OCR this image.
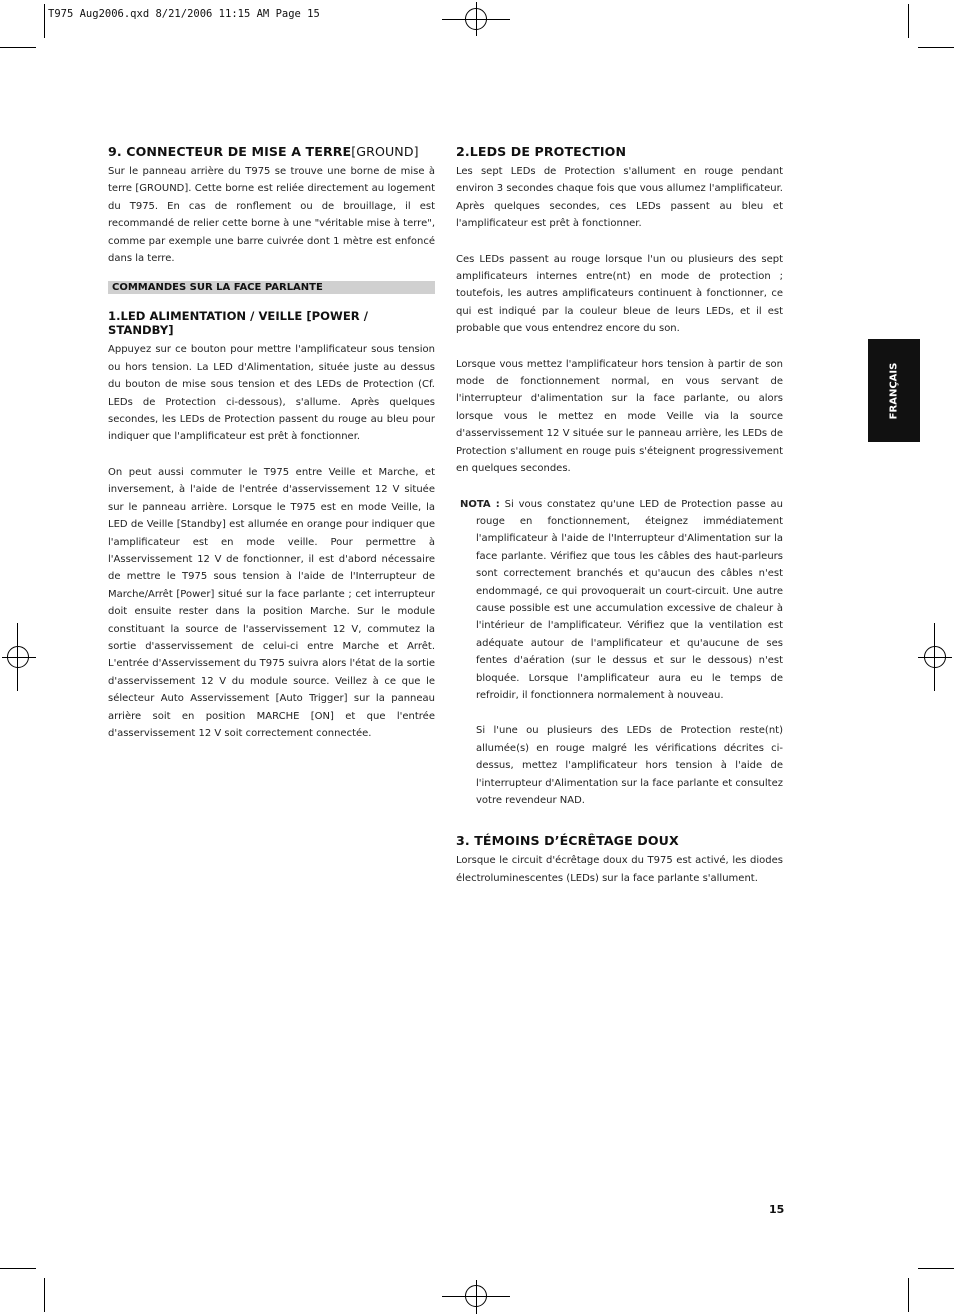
T975 Aug2006.qxd 8/21/2006 11:15 AM Page 15
9. CONNECTEUR DE MISE A TERRE[GROUND]

Sur le panneau arrière du T975 se trouve une borne de mise à terre [GROUND]. Cette borne est reliée directement au logement du T975. En cas de ronflement ou de brouillage, il est recommandé de relier cette borne à une "véritable mise à terre", comme par exemple une barre cuivrée dont 1 mètre est enfoncé dans la terre.

COMMANDES SUR LA FACE PARLANTE
1.LED ALIMENTATION / VEILLE [POWER / STANDBY]

Appuyez sur ce bouton pour mettre l'amplificateur sous tension ou hors tension. La LED d'Alimentation, située juste au dessus du bouton de mise sous tension et des LEDs de Protection (Cf. LEDs de Protection ci-dessous), s'allume. Après quelques secondes, les LEDs de Protection passent du rouge au bleu pour indiquer que l'amplificateur est prêt à fonctionner.

On peut aussi commuter le T975 entre Veille et Marche, et inversement, à l'aide de l'entrée d'asservissement 12 V située sur le panneau arrière. Lorsque le T975 est en mode Veille, la LED de Veille [Standby] est allumée en orange pour indiquer que l'amplificateur est en mode veille. Pour permettre à l'Asservissement 12 V de fonctionner, il est d'abord nécessaire de mettre le T975 sous tension à l'aide de l'Interrupteur de Marche/Arrêt [Power] situé sur la face parlante ; cet interrupteur doit ensuite rester dans la position Marche. Sur le module constituant la source de l'asservissement 12 V, commutez la sortie d'asservissement de celui-ci entre Marche et Arrêt. L'entrée d'Asservissement du T975 suivra alors l'état de la sortie d'asservissement 12 V du module source. Veillez à ce que le sélecteur Auto Asservissement [Auto Trigger] sur la panneau arrière soit en position MARCHE [ON] et que l'entrée d'asservissement 12 V soit correctement connectée.

2.LEDS DE PROTECTION

Les sept LEDs de Protection s'allument en rouge pendant environ 3 secondes chaque fois que vous allumez l'amplificateur. Après quelques secondes, ces LEDs passent au bleu et l'amplificateur est prêt à fonctionner.

Ces LEDs passent au rouge lorsque l'un ou plusieurs des sept amplificateurs internes entre(nt) en mode de protection ; toutefois, les autres amplificateurs continuent à fonctionner, ce qui est indiqué par la couleur bleue de leurs LEDs, et il est probable que vous entendrez encore du son.

Lorsque vous mettez l'amplificateur hors tension à partir de son mode de fonctionnement normal, en vous servant de l'interrupteur d'alimentation sur la face parlante, ou alors lorsque vous le mettez en mode Veille via la source d'asservissement 12 V située sur le panneau arrière, les LEDs de Protection s'allument en rouge puis s'éteignent progressivement en quelques secondes.

NOTA : Si vous constatez qu'une LED de Protection passe au rouge en fonctionnement, éteignez immédiatement l'amplificateur à l'aide de l'Interrupteur d'Alimentation sur la face parlante. Vérifiez que tous les câbles des haut-parleurs sont correctement branchés et qu'aucun des câbles n'est endommagé, ce qui provoquerait un court-circuit. Une autre cause possible est une accumulation excessive de chaleur à l'intérieur de l'amplificateur. Vérifiez que la ventilation est adéquate autour de l'amplificateur et qu'aucune de ses fentes d'aération (sur le dessus et sur le dessous) n'est bloquée. Lorsque l'amplificateur aura eu le temps de refroidir, il fonctionnera normalement à nouveau.

Si l'une ou plusieurs des LEDs de Protection reste(nt) allumée(s) en rouge malgré les vérifications décrites ci-dessus, mettez l'amplificateur hors tension à l'aide de l'interrupteur d'Alimentation sur la face parlante et consultez votre revendeur NAD.

3. TÉMOINS D’ÉCRÊTAGE DOUX

Lorsque le circuit d'écrêtage doux du T975 est activé, les diodes électroluminescentes (LEDs) sur la face parlante s'allument.

FRANÇAIS
15
